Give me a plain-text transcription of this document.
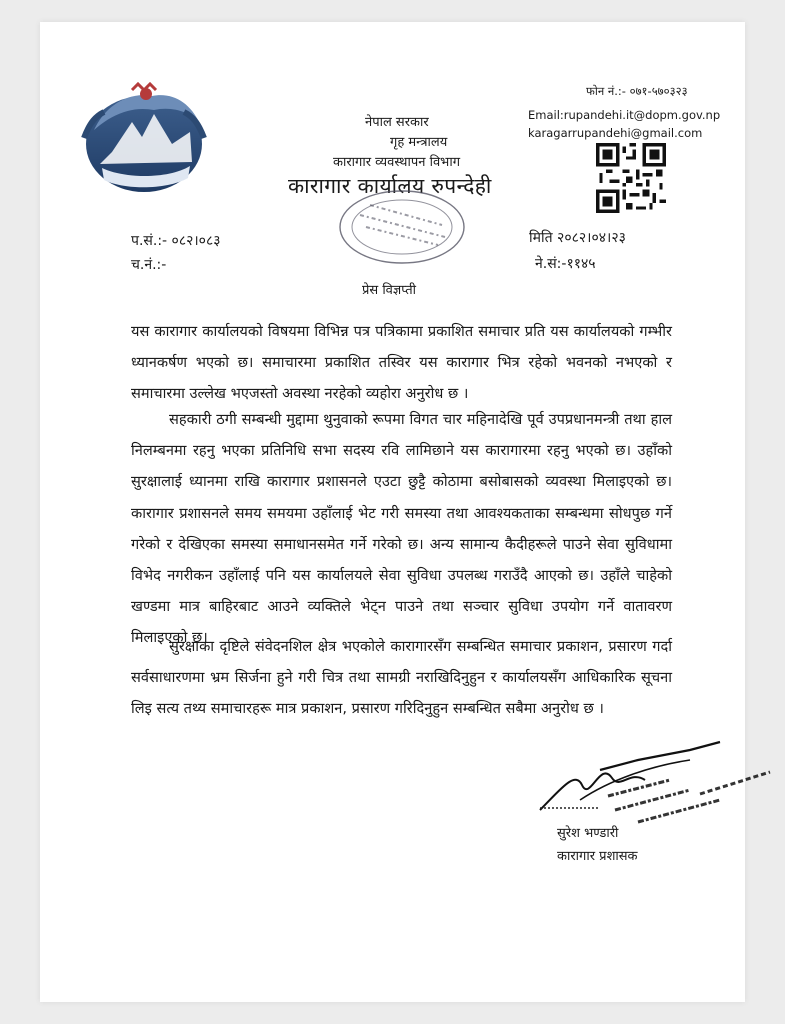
नेपाल सरकार
गृह मन्त्रालय
कारागार व्यवस्थापन विभाग
कारागार कार्यालय रुपन्देही
फोन नं.:- ०७१-५७०३२३
Email:rupandehi.it@dopm.gov.np
karagarrupandehi@gmail.com
प.सं.:- ०८२।०८३
च.नं.:-
मिति २०८२।०४।२३
ने.सं:-११४५
प्रेस विज्ञप्ती
यस कारागार कार्यालयको विषयमा विभिन्न पत्र पत्रिकामा प्रकाशित समाचार प्रति यस कार्यालयको गम्भीर ध्यानकर्षण भएको छ। समाचारमा प्रकाशित तस्विर यस कारागार भित्र रहेको भवनको नभएको र समाचारमा उल्लेख भएजस्तो अवस्था नरहेको व्यहोरा अनुरोध छ ।
सहकारी ठगी सम्बन्धी मुद्दामा थुनुवाको रूपमा विगत चार महिनादेखि पूर्व उपप्रधानमन्त्री तथा हाल निलम्बनमा रहनु भएका प्रतिनिधि सभा सदस्य रवि लामिछाने यस कारागारमा रहनु भएको छ। उहाँको सुरक्षालाई ध्यानमा राखि कारागार प्रशासनले एउटा छुट्टै कोठामा बसोबासको व्यवस्था मिलाइएको छ। कारागार प्रशासनले समय समयमा उहाँलाई भेट गरी समस्या तथा आवश्यकताका सम्बन्धमा सोधपुछ गर्ने गरेको र देखिएका समस्या समाधानसमेत गर्ने गरेको छ। अन्य सामान्य कैदीहरूले पाउने सेवा सुविधामा विभेद नगरीकन उहाँलाई पनि यस कार्यालयले सेवा सुविधा उपलब्ध गराउँदै आएको छ। उहाँले चाहेको खण्डमा मात्र बाहिरबाट आउने व्यक्तिले भेट्न पाउने तथा सञ्चार सुविधा उपयोग गर्ने वातावरण मिलाइएको छ।
सुरक्षाका दृष्टिले संवेदनशिल क्षेत्र भएकोले कारागारसँग सम्बन्धित समाचार प्रकाशन, प्रसारण गर्दा सर्वसाधारणमा भ्रम सिर्जना हुने गरी चित्र तथा सामग्री नराखिदिनुहुन र कार्यालयसँग आधिकारिक सूचना लिइ सत्य तथ्य समाचारहरू मात्र प्रकाशन, प्रसारण गरिदिनुहुन सम्बन्धित सबैमा अनुरोध छ ।
सुरेश भण्डारी
कारागार प्रशासक
